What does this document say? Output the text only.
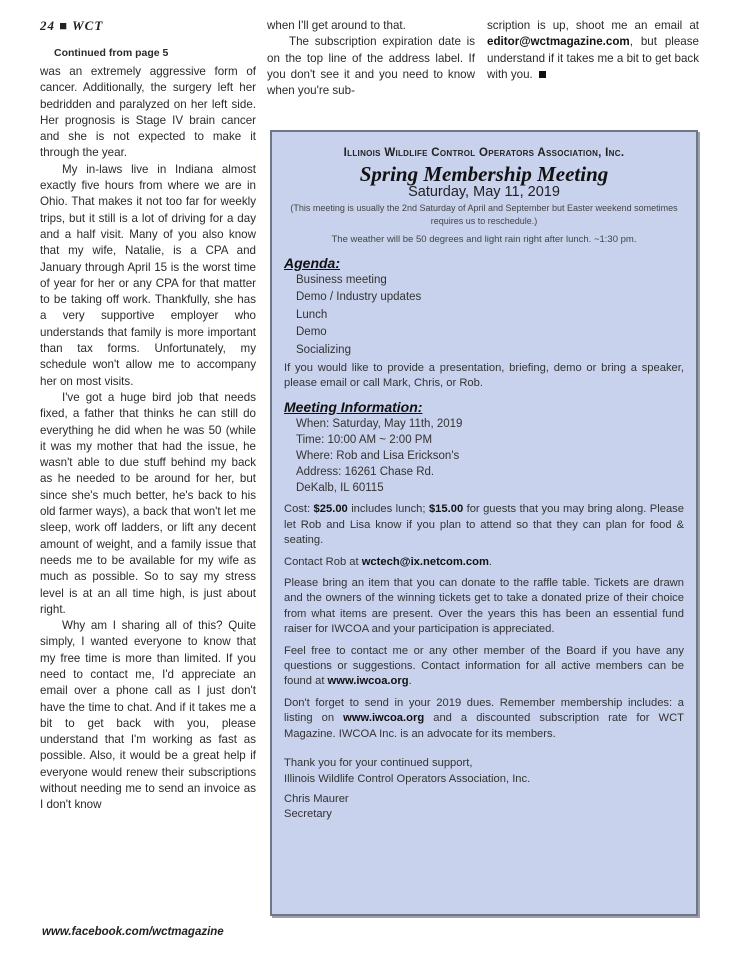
24 ■ WCT
Continued from page 5

was an extremely aggressive form of cancer. Additionally, the surgery left her bedridden and paralyzed on her left side. Her prognosis is Stage IV brain cancer and she is not expected to make it through the year.

My in-laws live in Indiana almost exactly five hours from where we are in Ohio. That makes it not too far for weekly trips, but it still is a lot of driving for a day and a half visit. Many of you also know that my wife, Natalie, is a CPA and January through April 15 is the worst time of year for her or any CPA for that matter to be taking off work. Thankfully, she has a very supportive employer who understands that family is more important than tax forms. Unfortunately, my schedule won't allow me to accompany her on most visits.

I've got a huge bird job that needs fixed, a father that thinks he can still do everything he did when he was 50 (while it was my mother that had the issue, he wasn't able to due stuff behind my back as he needed to be around for her, but since she's much better, he's back to his old farmer ways), a back that won't let me sleep, work off ladders, or lift any decent amount of weight, and a family issue that needs me to be available for my wife as much as possible. So to say my stress level is at an all time high, is just about right.

Why am I sharing all of this? Quite simply, I wanted everyone to know that my free time is more than limited. If you need to contact me, I'd appreciate an email over a phone call as I just don't have the time to chat. And if it takes me a bit to get back with you, please understand that I'm working as fast as possible. Also, it would be a great help if everyone would renew their subscriptions without needing me to send an invoice as I don't know

when I'll get around to that.

The subscription expiration date is on the top line of the address label. If you don't see it and you need to know when you're sub-

scription is up, shoot me an email at editor@wctmagazine.com, but please understand if it takes me a bit to get back with you.

Illinois Wildlife Control Operators Association, Inc.
Spring Membership Meeting
Saturday, May 11, 2019
(This meeting is usually the 2nd Saturday of April and September but Easter weekend sometimes requires us to reschedule.)
The weather will be 50 degrees and light rain right after lunch. ~1:30 pm.
Agenda:
Business meeting
Demo / Industry updates
Lunch
Demo
Socializing
If you would like to provide a presentation, briefing, demo or bring a speaker, please email or call Mark, Chris, or Rob.
Meeting Information:
When: Saturday, May 11th, 2019
Time: 10:00 AM ~ 2:00 PM
Where: Rob and Lisa Erickson's
Address: 16261 Chase Rd.
DeKalb, IL 60115
Cost: $25.00 includes lunch; $15.00 for guests that you may bring along. Please let Rob and Lisa know if you plan to attend so that they can plan for food & seating.
Contact Rob at wctech@ix.netcom.com.
Please bring an item that you can donate to the raffle table. Tickets are drawn and the owners of the winning tickets get to take a donated prize of their choice from what items are present. Over the years this has been an essential fund raiser for IWCOA and your participation is appreciated.
Feel free to contact me or any other member of the Board if you have any questions or suggestions. Contact information for all active members can be found at www.iwcoa.org.
Don't forget to send in your 2019 dues. Remember membership includes: a listing on www.iwcoa.org and a discounted subscription rate for WCT Magazine. IWCOA Inc. is an advocate for its members.
Thank you for your continued support,
Illinois Wildlife Control Operators Association, Inc.
Chris Maurer
Secretary
www.facebook.com/wctmagazine
